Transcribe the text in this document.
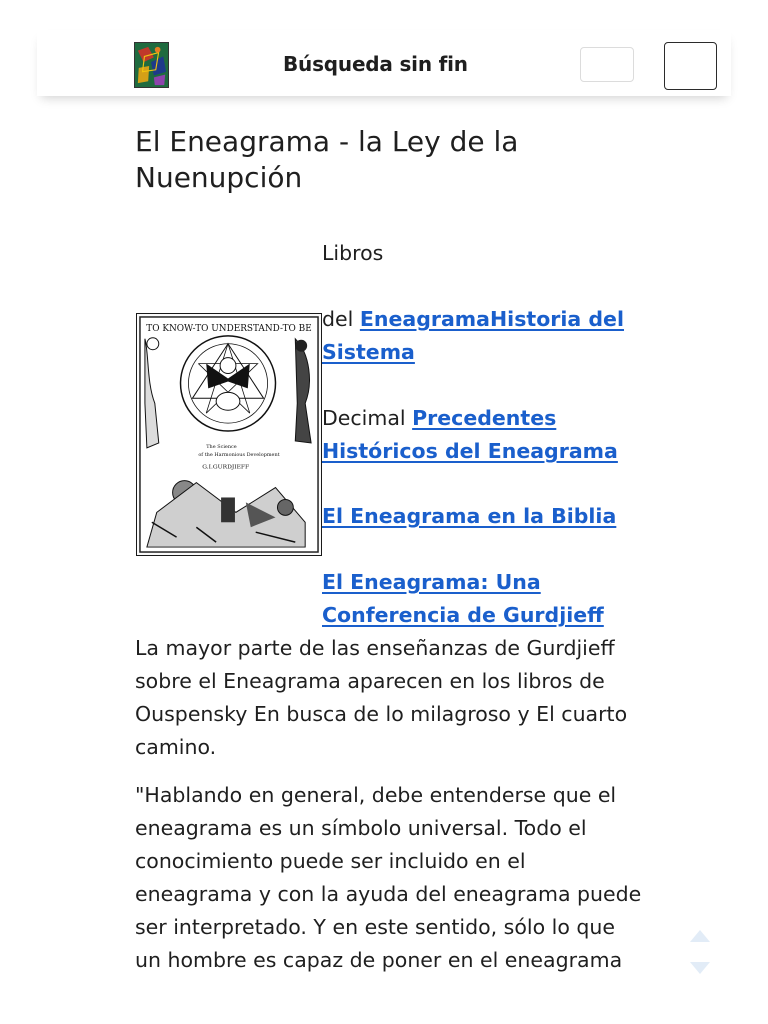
Búsqueda sin fin
El Eneagrama - la Ley de la Nuenupción
TO KNOW-TO UNDERSTAND-TO BE
The Science
of the Harmonious Development
G.I.GURDJIEFF
Libros
del EneagramaHistoria del Sistema
Decimal Precedentes Históricos del Eneagrama
El Eneagrama en la Biblia
El Eneagrama: Una Conferencia de Gurdjieff

La mayor parte de las enseñanzas de Gurdjieff sobre el Eneagrama aparecen en los libros de Ouspensky En busca de lo milagroso y El cuarto camino.

"Hablando en general, debe entenderse que el eneagrama es un símbolo universal. Todo el conocimiento puede ser incluido en el eneagrama y con la ayuda del eneagrama puede ser interpretado. Y en este sentido, sólo lo que un hombre es capaz de poner en el eneagrama
